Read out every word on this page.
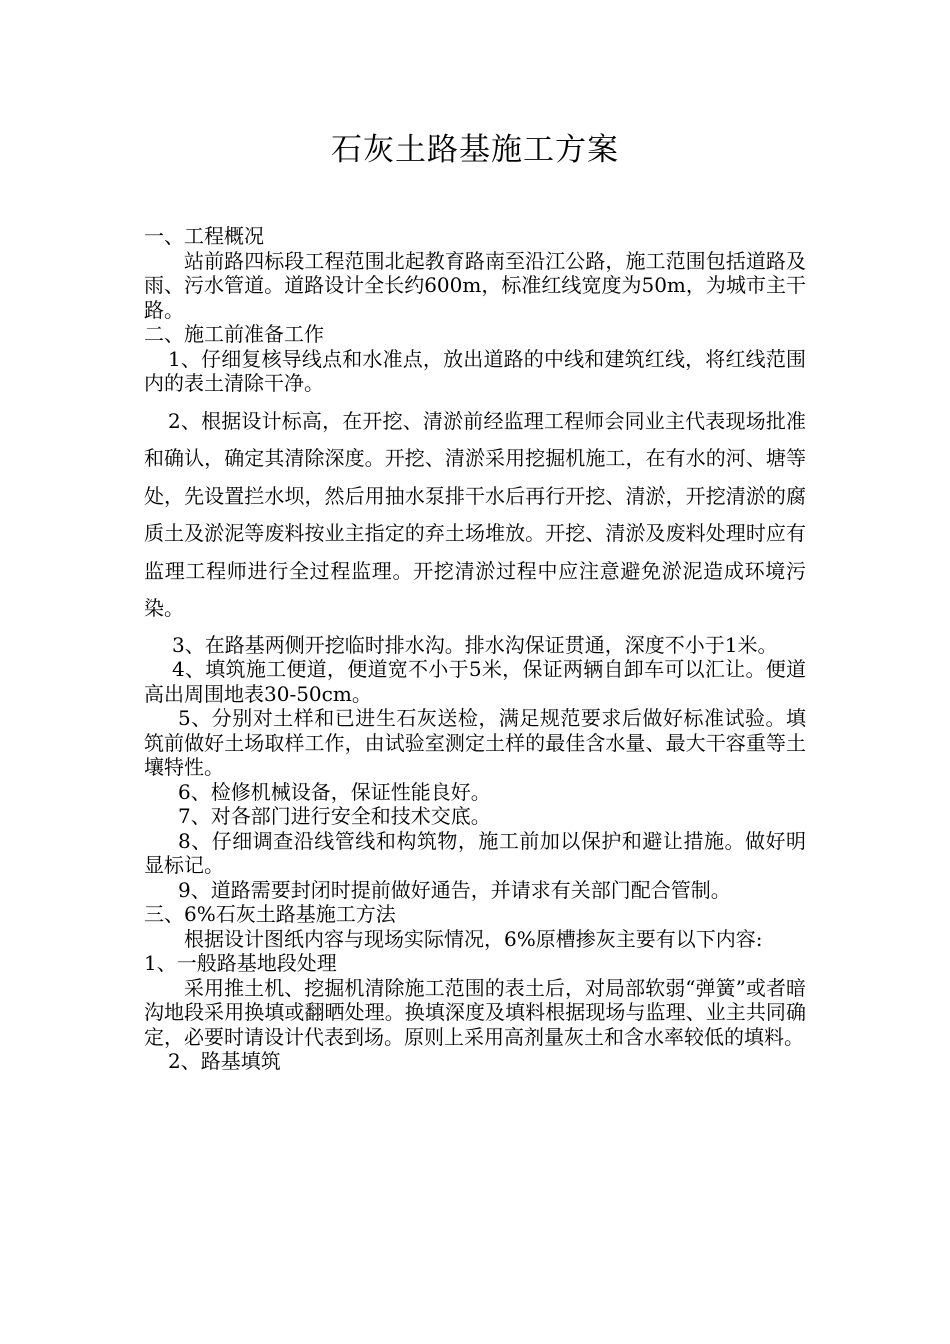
石灰土路基施工方案

一、工程概况

站前路四标段工程范围北起教育路南至沿江公路，施工范围包括道路及雨、污水管道。道路设计全长约600m，标准红线宽度为50m，为城市主干路。

二、施工前准备工作

1、仔细复核导线点和水准点，放出道路的中线和建筑红线，将红线范围内的表土清除干净。

2、根据设计标高，在开挖、清淤前经监理工程师会同业主代表现场批准和确认，确定其清除深度。开挖、清淤采用挖掘机施工，在有水的河、塘等处，先设置拦水坝，然后用抽水泵排干水后再行开挖、清淤，开挖清淤的腐质土及淤泥等废料按业主指定的弃土场堆放。开挖、清淤及废料处理时应有监理工程师进行全过程监理。开挖清淤过程中应注意避免淤泥造成环境污染。

3、在路基两侧开挖临时排水沟。排水沟保证贯通，深度不小于1米。

4、填筑施工便道，便道宽不小于5米，保证两辆自卸车可以汇让。便道高出周围地表30-50cm。

5、分别对土样和已进生石灰送检，满足规范要求后做好标准试验。填筑前做好土场取样工作，由试验室测定土样的最佳含水量、最大干容重等土壤特性。

6、检修机械设备，保证性能良好。

7、对各部门进行安全和技术交底。

8、仔细调查沿线管线和构筑物，施工前加以保护和避让措施。做好明显标记。

9、道路需要封闭时提前做好通告，并请求有关部门配合管制。

三、6%石灰土路基施工方法

根据设计图纸内容与现场实际情况，6%原槽掺灰主要有以下内容:

1、一般路基地段处理

采用推土机、挖掘机清除施工范围的表土后，对局部软弱“弹簧”或者暗沟地段采用换填或翻晒处理。换填深度及填料根据现场与监理、业主共同确定，必要时请设计代表到场。原则上采用高剂量灰土和含水率较低的填料。

2、路基填筑
